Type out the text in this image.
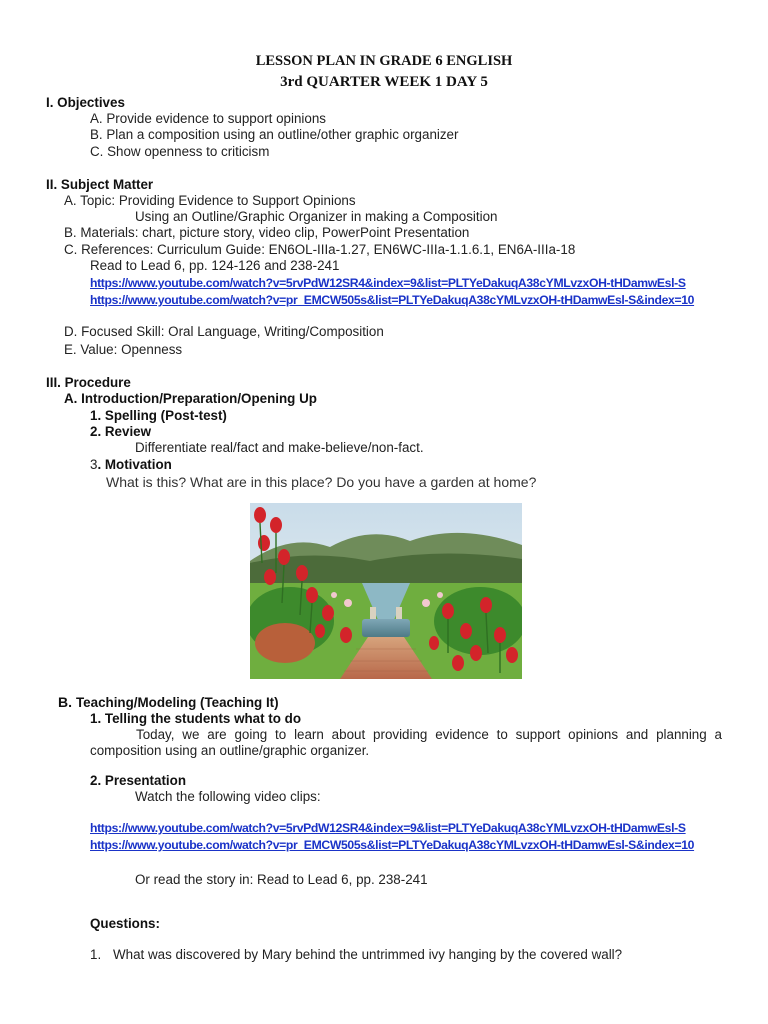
LESSON PLAN IN GRADE 6 ENGLISH
3rd QUARTER WEEK 1 DAY 5
I. Objectives
A. Provide evidence to support opinions
B. Plan a composition using an outline/other graphic organizer
C. Show openness to criticism
II. Subject Matter
A. Topic: Providing Evidence to Support Opinions
Using an Outline/Graphic Organizer in making a Composition
B. Materials: chart, picture story, video clip, PowerPoint Presentation
C. References: Curriculum Guide: EN6OL-IIIa-1.27, EN6WC-IIIa-1.1.6.1, EN6A-IIIa-18
Read to Lead 6, pp. 124-126 and 238-241
https://www.youtube.com/watch?v=5rvPdW12SR4&index=9&list=PLTYeDakuqA38cYMLvzxOH-tHDamwEsl-S
https://www.youtube.com/watch?v=pr_EMCW505s&list=PLTYeDakuqA38cYMLvzxOH-tHDamwEsl-S&index=10
D. Focused Skill: Oral Language, Writing/Composition
E. Value: Openness
III. Procedure
A. Introduction/Preparation/Opening Up
1. Spelling (Post-test)
2. Review
Differentiate real/fact and make-believe/non-fact.
3. Motivation
What is this? What are in this place? Do you have a garden at home?
B. Teaching/Modeling (Teaching It)
1. Telling the students what to do
Today, we are going to learn about providing evidence to support opinions and planning a composition using an outline/graphic organizer.
2. Presentation
Watch the following video clips:
https://www.youtube.com/watch?v=5rvPdW12SR4&index=9&list=PLTYeDakuqA38cYMLvzxOH-tHDamwEsl-S
https://www.youtube.com/watch?v=pr_EMCW505s&list=PLTYeDakuqA38cYMLvzxOH-tHDamwEsl-S&index=10
Or read the story in: Read to Lead 6, pp. 238-241
Questions:
1. What was discovered by Mary behind the untrimmed ivy hanging by the covered wall?
